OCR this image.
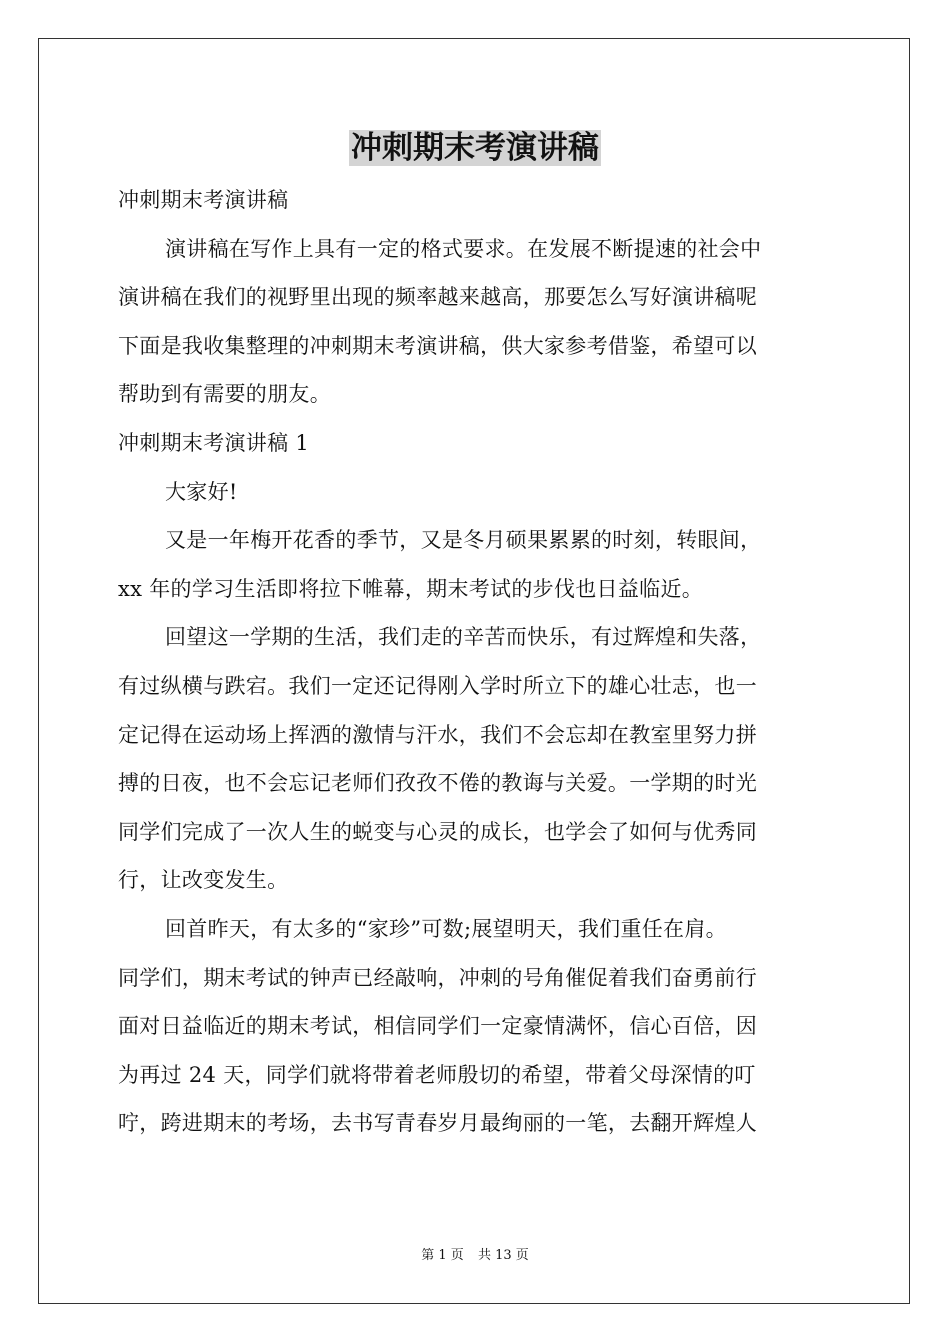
冲刺期末考演讲稿
冲刺期末考演讲稿
演讲稿在写作上具有一定的格式要求。在发展不断提速的社会中
演讲稿在我们的视野里出现的频率越来越高，那要怎么写好演讲稿呢
下面是我收集整理的冲刺期末考演讲稿，供大家参考借鉴，希望可以
帮助到有需要的朋友。
冲刺期末考演讲稿 1
大家好!
又是一年梅开花香的季节，又是冬月硕果累累的时刻，转眼间，
xx 年的学习生活即将拉下帷幕，期末考试的步伐也日益临近。
回望这一学期的生活，我们走的辛苦而快乐，有过辉煌和失落，
有过纵横与跌宕。我们一定还记得刚入学时所立下的雄心壮志，也一
定记得在运动场上挥洒的激情与汗水，我们不会忘却在教室里努力拼
搏的日夜，也不会忘记老师们孜孜不倦的教诲与关爱。一学期的时光
同学们完成了一次人生的蜕变与心灵的成长，也学会了如何与优秀同
行，让改变发生。
回首昨天，有太多的“家珍”可数;展望明天，我们重任在肩。
同学们，期末考试的钟声已经敲响，冲刺的号角催促着我们奋勇前行
面对日益临近的期末考试，相信同学们一定豪情满怀，信心百倍，因
为再过 24 天，同学们就将带着老师殷切的希望，带着父母深情的叮
咛，跨进期末的考场，去书写青春岁月最绚丽的一笔，去翻开辉煌人
第 1 页 共 13 页
